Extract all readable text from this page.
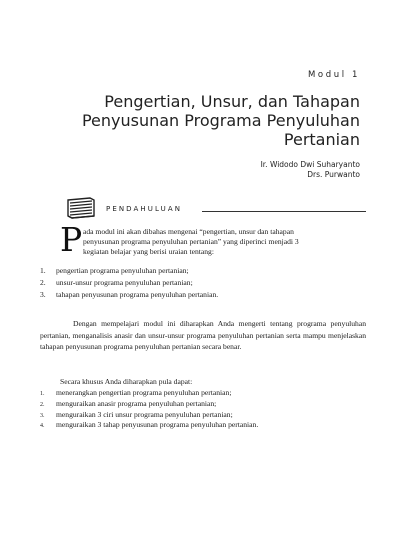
Modul 1
Pengertian, Unsur, dan Tahapan
Penyusunan Programa Penyuluhan
Pertanian
Ir. Widodo Dwi Suharyanto
Drs. Purwanto
PENDAHULUAN
P ada modul ini akan dibahas mengenai “pengertian, unsur dan tahapan
penyusunan programa penyuluhan pertanian” yang diperinci menjadi 3
kegiatan belajar yang berisi uraian tentang:
1. pengertian programa penyuluhan pertanian;
2. unsur-unsur programa penyuluhan pertanian;
3. tahapan penyusunan programa penyuluhan pertanian.

Dengan mempelajari modul ini diharapkan Anda mengerti tentang programa penyuluhan pertanian, menganalisis anasir dan unsur-unsur programa penyuluhan pertanian serta mampu menjelaskan tahapan penyusunan programa penyuluhan pertanian secara benar.

Secara khusus Anda diharapkan pula dapat:
1. menerangkan pengertian programa penyuluhan pertanian;
2. menguraikan anasir programa penyuluhan pertanian;
3. menguraikan 3 ciri unsur programa penyuluhan pertanian;
4. menguraikan 3 tahap penyusunan programa penyuluhan pertanian.
